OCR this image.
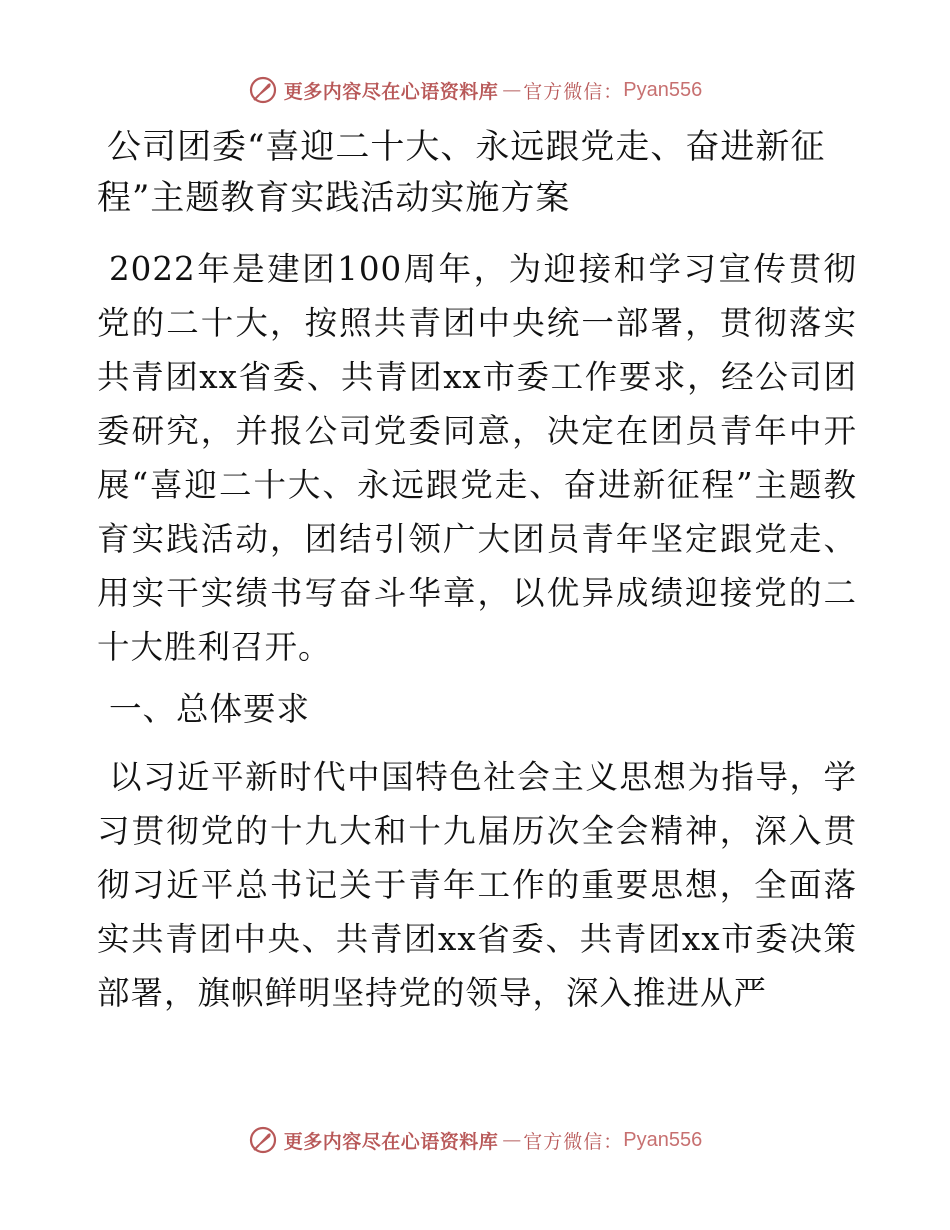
更多内容尽在心语资料库 — 官方微信： Pyan556
公司团委“喜迎二十大、永远跟党走、奋进新征程”主题教育实践活动实施方案

2022年是建团100周年，为迎接和学习宣传贯彻党的二十大，按照共青团中央统一部署，贯彻落实共青团xx省委、共青团xx市委工作要求，经公司团委研究，并报公司党委同意，决定在团员青年中开展“喜迎二十大、永远跟党走、奋进新征程”主题教育实践活动，团结引领广大团员青年坚定跟党走、用实干实绩书写奋斗华章，以优异成绩迎接党的二十大胜利召开。

一、总体要求

以习近平新时代中国特色社会主义思想为指导，学习贯彻党的十九大和十九届历次全会精神，深入贯彻习近平总书记关于青年工作的重要思想，全面落实共青团中央、共青团xx省委、共青团xx市委决策部署，旗帜鲜明坚持党的领导，深入推进从严

更多内容尽在心语资料库 — 官方微信： Pyan556
